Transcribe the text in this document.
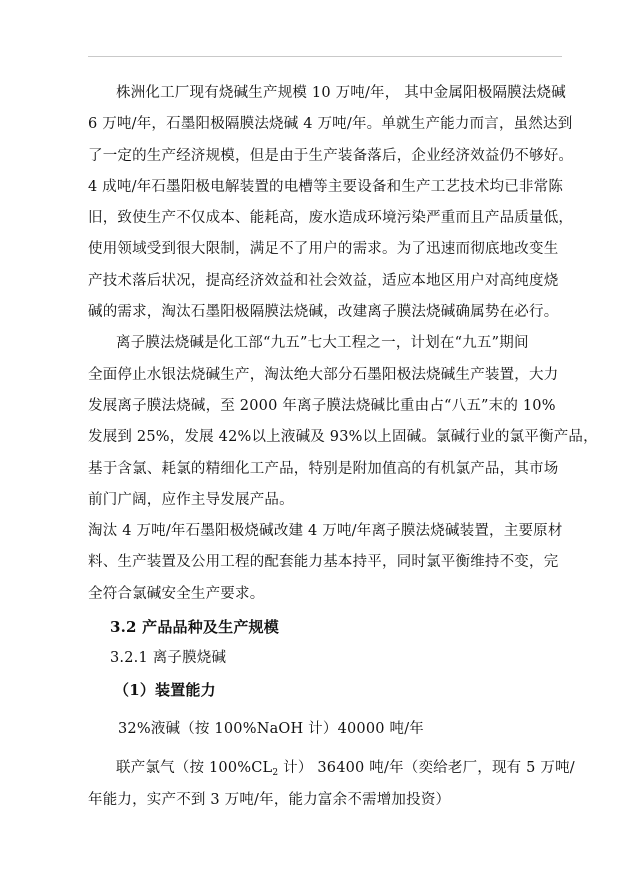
株洲化工厂现有烧碱生产规模 10 万吨/年， 其中金属阳极隔膜法烧碱
6 万吨/年，石墨阳极隔膜法烧碱 4 万吨/年。单就生产能力而言，虽然达到
了一定的生产经济规模，但是由于生产装备落后，企业经济效益仍不够好。
4 成吨/年石墨阳极电解装置的电槽等主要设备和生产工艺技术均已非常陈
旧，致使生产不仅成本、能耗高，废水造成环境污染严重而且产品质量低，
使用领域受到很大限制，满足不了用户的需求。为了迅速而彻底地改变生
产技术落后状况，提高经济效益和社会效益，适应本地区用户对高纯度烧
碱的需求，淘汰石墨阳极隔膜法烧碱，改建离子膜法烧碱确属势在必行。
离子膜法烧碱是化工部“九五”七大工程之一，计划在“九五”期间
全面停止水银法烧碱生产，淘汰绝大部分石墨阳极法烧碱生产装置，大力
发展离子膜法烧碱，至 2000 年离子膜法烧碱比重由占“八五”末的 10%
发展到 25%，发展 42%以上液碱及 93%以上固碱。氯碱行业的氯平衡产品，
基于含氯、耗氯的精细化工产品，特别是附加值高的有机氯产品，其市场
前门广阔，应作主导发展产品。
淘汰 4 万吨/年石墨阳极烧碱改建 4 万吨/年离子膜法烧碱装置，主要原材
料、生产装置及公用工程的配套能力基本持平，同时氯平衡维持不变，完
全符合氯碱安全生产要求。
3.2 产品品种及生产规模
3.2.1 离子膜烧碱
（1）装置能力
32%液碱（按 100%NaOH 计）40000 吨/年
联产氯气（按 $100\%CL_2$ 计） 36400 吨/年（奕给老厂，现有 5 万吨/
年能力，实产不到 3 万吨/年，能力富余不需增加投资）
